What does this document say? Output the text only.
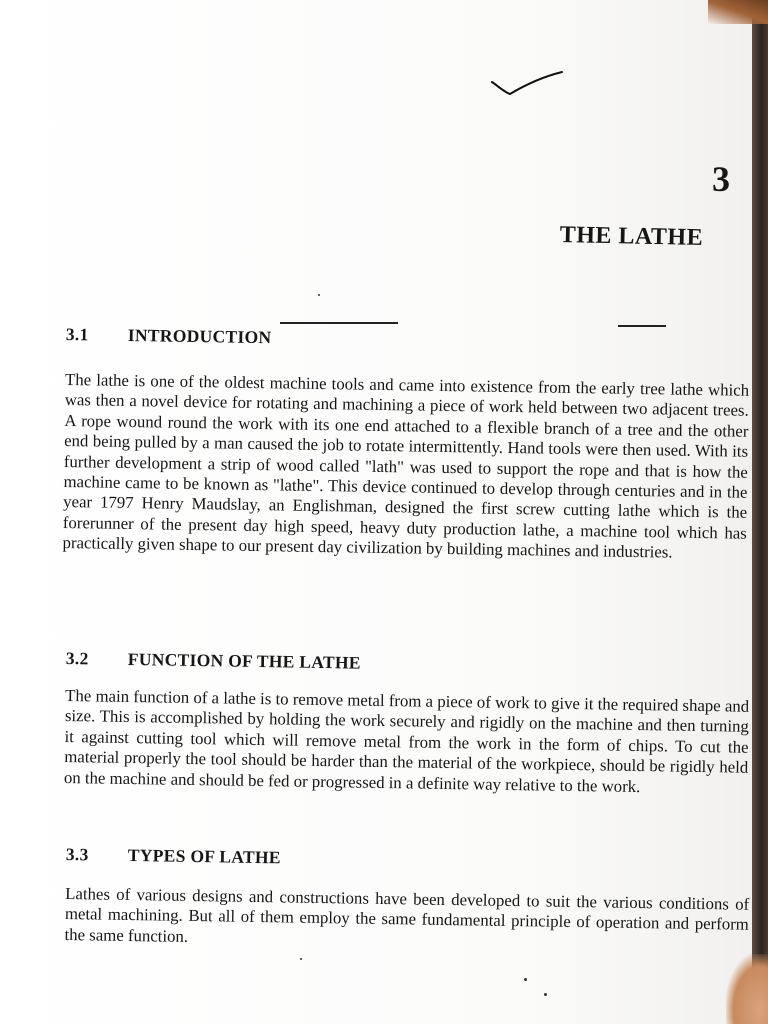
3
THE LATHE
3.1	INTRODUCTION

The lathe is one of the oldest machine tools and came into existence from the early tree lathe which was then a novel device for rotating and machining a piece of work held between two adjacent trees. A rope wound round the work with its one end attached to a flexible branch of a tree and the other end being pulled by a man caused the job to rotate intermittently. Hand tools were then used. With its further development a strip of wood called "lath" was used to support the rope and that is how the machine came to be known as "lathe". This device continued to develop through centuries and in the year 1797 Henry Maudslay, an Englishman, designed the first screw cutting lathe which is the forerunner of the present day high speed, heavy duty production lathe, a machine tool which has practically given shape to our present day civilization by building machines and industries.

3.2	FUNCTION OF THE LATHE

The main function of a lathe is to remove metal from a piece of work to give it the required shape and size. This is accomplished by holding the work securely and rigidly on the machine and then turning it against cutting tool which will remove metal from the work in the form of chips. To cut the material properly the tool should be harder than the material of the workpiece, should be rigidly held on the machine and should be fed or progressed in a definite way relative to the work.

3.3	TYPES OF LATHE

Lathes of various designs and constructions have been developed to suit the various conditions of metal machining. But all of them employ the same fundamental principle of operation and perform the same function.
